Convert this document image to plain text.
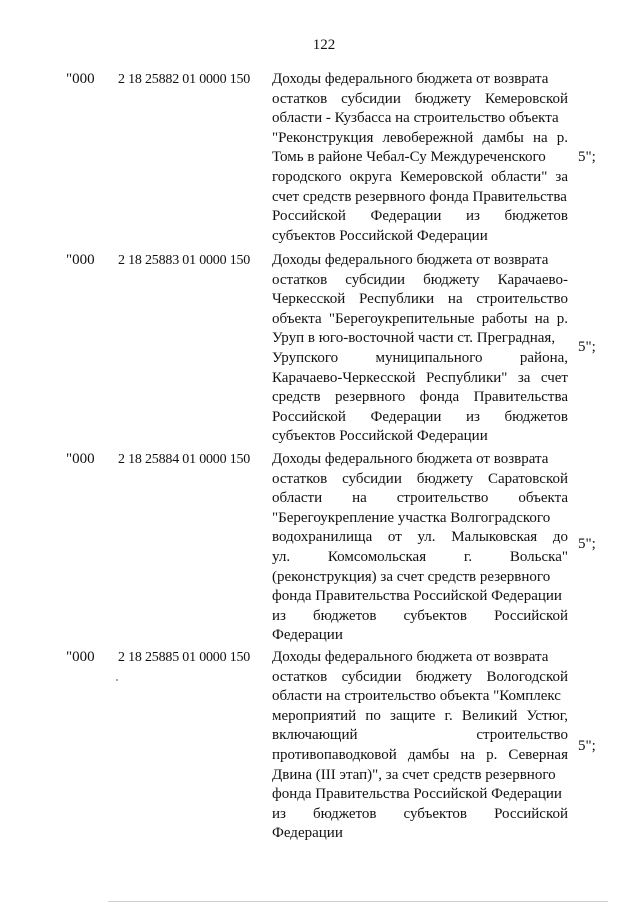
122
"000 2 18 25882 01 0000 150 Доходы федерального бюджета от возврата
остатков субсидии бюджету Кемеровской
области - Кузбасса на строительство объекта
"Реконструкция левобережной дамбы на р.
Томь в районе Чебал-Су Междуреченского
городского округа Кемеровской области" за
счет средств резервного фонда Правительства
Российской Федерации из бюджетов
субъектов Российской Федерации
5";
"000 2 18 25883 01 0000 150 Доходы федерального бюджета от возврата
остатков субсидии бюджету Карачаево-
Черкесской Республики на строительство
объекта "Берегоукрепительные работы на р.
Уруп в юго-восточной части ст. Преградная,
Урупского муниципального района,
Карачаево-Черкесской Республики" за счет
средств резервного фонда Правительства
Российской Федерации из бюджетов
субъектов Российской Федерации
5";
"000 2 18 25884 01 0000 150 Доходы федерального бюджета от возврата
остатков субсидии бюджету Саратовской
области на строительство объекта
"Берегоукрепление участка Волгоградского
водохранилища от ул. Малыковская до
ул. Комсомольская г. Вольска"
(реконструкция) за счет средств резервного
фонда Правительства Российской Федерации
из бюджетов субъектов Российской
Федерации
5";
"000 2 18 25885 01 0000 150 Доходы федерального бюджета от возврата
остатков субсидии бюджету Вологодской
области на строительство объекта "Комплекс
мероприятий по защите г. Великий Устюг,
включающий строительство
противопаводковой дамбы на р. Северная
Двина (III этап)", за счет средств резервного
фонда Правительства Российской Федерации
из бюджетов субъектов Российской
Федерации
5";
